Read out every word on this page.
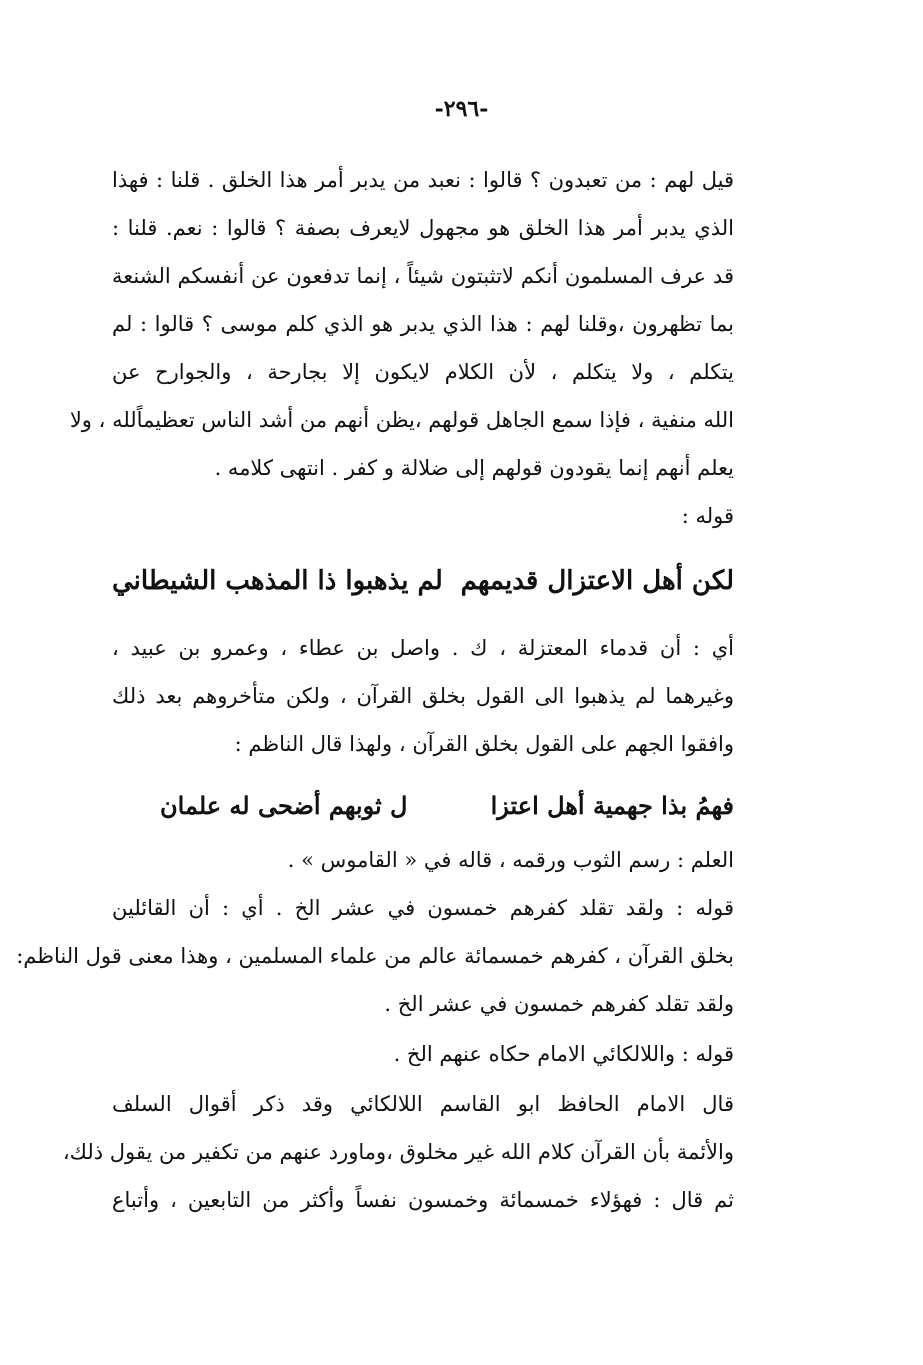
-٢٩٦-
قيل لهم : من تعبدون ؟ قالوا : نعبد من يدبر أمر هذا الخلق . قلنا : فهذا
الذي يدبر أمر هذا الخلق هو مجهول لايعرف بصفة ؟ قالوا : نعم. قلنا :
قد عرف المسلمون أنكم لاتثبتون شيئاً ، إنما تدفعون عن أنفسكم الشنعة
بما تظهرون ،وقلنا لهم : هذا الذي يدبر هو الذي كلم موسى ؟ قالوا : لم
يتكلم ، ولا يتكلم ، لأن الكلام لايكون إلا بجارحة ، والجوارح عن
الله منفية ، فإذا سمع الجاهل قولهم ،يظن أنهم من أشد الناس تعظيماًلله ، ولا
يعلم أنهم إنما يقودون قولهم إلى ضلالة و كفر . انتهى كلامه .
قوله :
لكن أهل الاعتزال قديمهم
لم يذهبوا ذا المذهب الشيطاني
أي : أن قدماء المعتزلة ، ك . واصل بن عطاء ، وعمرو بن عبيد ،
وغيرهما لم يذهبوا الى القول بخلق القرآن ، ولكن متأخروهم بعد ذلك
وافقوا الجهم على القول بخلق القرآن ، ولهذا قال الناظم :
فهمُ بذا جهمية أهل اعتزا
ل ثوبهم أضحى له علمان
العلم : رسم الثوب ورقمه ، قاله في « القاموس » .
قوله : ولقد تقلد كفرهم خمسون في عشر الخ . أي : أن القائلين
بخلق القرآن ، كفرهم خمسمائة عالم من علماء المسلمين ، وهذا معنى قول الناظم:
ولقد تقلد كفرهم خمسون في عشر الخ .
قوله : واللالكائي الامام حكاه عنهم الخ .
قال الامام الحافظ ابو القاسم اللالكائي وقد ذكر أقوال السلف
والأئمة بأن القرآن كلام الله غير مخلوق ،وماورد عنهم من تكفير من يقول ذلك،
ثم قال : فهؤلاء خمسمائة وخمسون نفساً وأكثر من التابعين ، وأتباع
